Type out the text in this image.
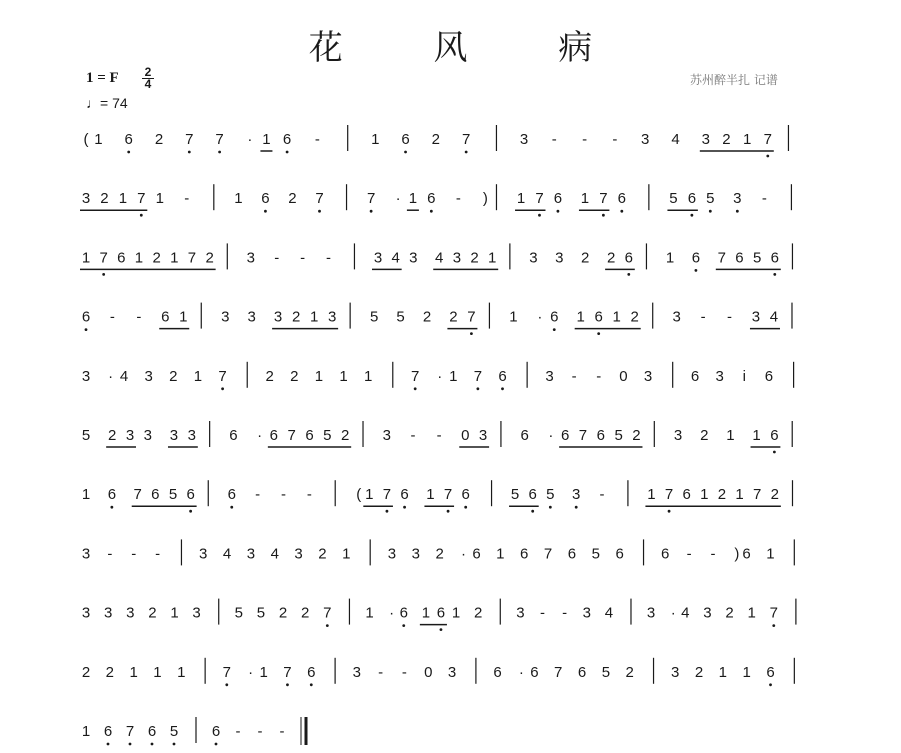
花 风 病
1 = F 2
4
♩= 74
苏州醉半扎 记谱
( 1 6 2 7 7 · 1 6 -	1 6 2 7	3 - - - 3 4 3 2 1 7
3 2 1 7 1 -	1 6 2 7	7 · 1 6 - ) 1 7 6 1 7 6	5 6 5 3 -
1 7 6 1 2 1 7 2 3 - - -	3 4 3 4 3 2 1 3 3 2 2 6 1 6 7 6 5 6
6 - - 6 1 3 3 3 2 1 3 5 5 2 2 7 1 · 6 1 6 1 2 3 - - 3 4
3 · 4 3 2 1 7	2 2 1 1 1	7 · 1 7 6	3 - - 0 3	6 3 i 6
5 2 3 3 3 3 6 · 6 7 6 5 2 3 - - 0 3 6 · 6 7 6 5 2 3 2 1 1 6
1 6 7 6 5 6 6 - - -	( 1 7 6 1 7 6	5 6 5 3 -	1 7 6 1 2 1 7 2
3 - - -	3 4 3 4 3 2 1 3 3 2 · 6 1 6 7 6 5 6 6 - - ) 6 1
3 3 3 2 1 3 5 5 2 2 7 1 · 6 1 6 1 2 3 - - 3 4 3 · 4 3 2 1 7
2 2 1 1 1 7 · 1 7 6 3 - - 0 3 6 · 6 7 6 5 2 3 2 1 1 6
1 6 7 6 5 6 - - -
